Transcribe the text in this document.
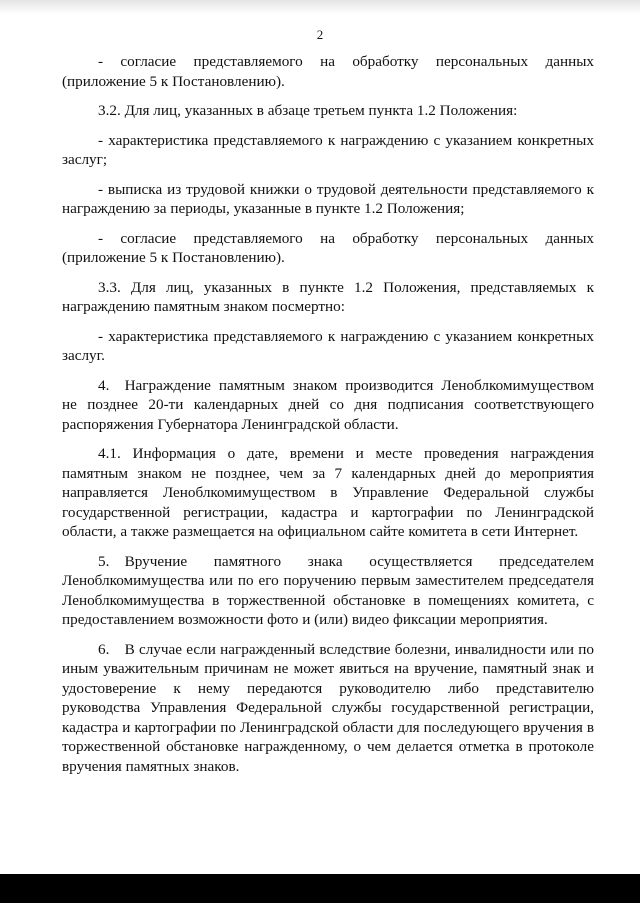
2

- согласие представляемого на обработку персональных данных (приложение 5 к Постановлению).

3.2. Для лиц, указанных в абзаце третьем пункта 1.2 Положения:

- характеристика представляемого к награждению с указанием конкретных заслуг;

- выписка из трудовой книжки о трудовой деятельности представляемого к награждению за периоды, указанные в пункте 1.2 Положения;

- согласие представляемого на обработку персональных данных (приложение 5 к Постановлению).

3.3. Для лиц, указанных в пункте 1.2 Положения, представляемых к награждению памятным знаком посмертно:

- характеристика представляемого к награждению с указанием конкретных заслуг.

4. Награждение памятным знаком производится Леноблкомимуществом не позднее 20-ти календарных дней со дня подписания соответствующего распоряжения Губернатора Ленинградской области.

4.1. Информация о дате, времени и месте проведения награждения памятным знаком не позднее, чем за 7 календарных дней до мероприятия направляется Леноблкомимуществом в Управление Федеральной службы государственной регистрации, кадастра и картографии по Ленинградской области, а также размещается на официальном сайте комитета в сети Интернет.

5. Вручение памятного знака осуществляется председателем Леноблкомимущества или по его поручению первым заместителем председателя Леноблкомимущества в торжественной обстановке в помещениях комитета, с предоставлением возможности фото и (или) видео фиксации мероприятия.

6. В случае если награжденный вследствие болезни, инвалидности или по иным уважительным причинам не может явиться на вручение, памятный знак и удостоверение к нему передаются руководителю либо представителю руководства Управления Федеральной службы государственной регистрации, кадастра и картографии по Ленинградской области для последующего вручения в торжественной обстановке награжденному, о чем делается отметка в протоколе вручения памятных знаков.
